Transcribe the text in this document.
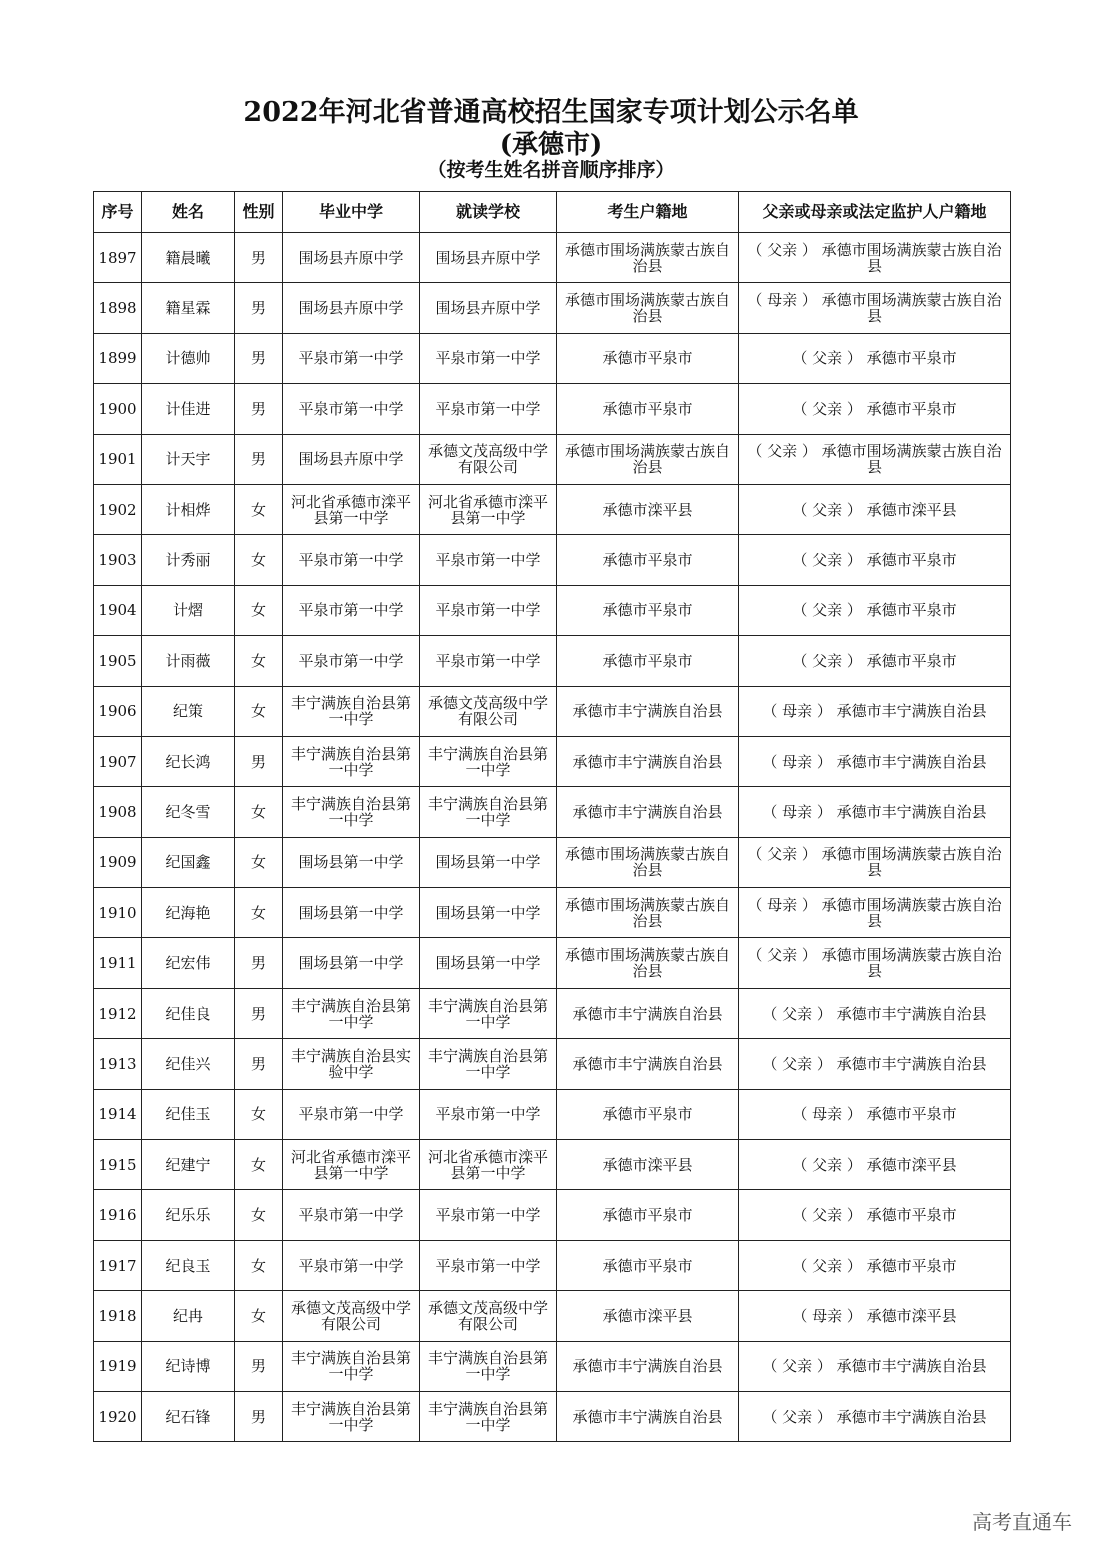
2022年河北省普通高校招生国家专项计划公示名单
(承德市)
（按考生姓名拼音顺序排序）
序号	姓名	性别	毕业中学	就读学校	考生户籍地	父亲或母亲或法定监护人户籍地
1897	籍晨曦	男	围场县卉原中学	围场县卉原中学	承德市围场满族蒙古族自治县	（ 父亲 ） 承德市围场满族蒙古族自治县
1898	籍星霖	男	围场县卉原中学	围场县卉原中学	承德市围场满族蒙古族自治县	（ 母亲 ） 承德市围场满族蒙古族自治县
1899	计德帅	男	平泉市第一中学	平泉市第一中学	承德市平泉市	（ 父亲 ） 承德市平泉市
1900	计佳进	男	平泉市第一中学	平泉市第一中学	承德市平泉市	（ 父亲 ） 承德市平泉市
1901	计天宇	男	围场县卉原中学	承德文茂高级中学有限公司	承德市围场满族蒙古族自治县	（ 父亲 ） 承德市围场满族蒙古族自治县
1902	计相烨	女	河北省承德市滦平县第一中学	河北省承德市滦平县第一中学	承德市滦平县	（ 父亲 ） 承德市滦平县
1903	计秀丽	女	平泉市第一中学	平泉市第一中学	承德市平泉市	（ 父亲 ） 承德市平泉市
1904	计熠	女	平泉市第一中学	平泉市第一中学	承德市平泉市	（ 父亲 ） 承德市平泉市
1905	计雨薇	女	平泉市第一中学	平泉市第一中学	承德市平泉市	（ 父亲 ） 承德市平泉市
1906	纪策	女	丰宁满族自治县第一中学	承德文茂高级中学有限公司	承德市丰宁满族自治县	（ 母亲 ） 承德市丰宁满族自治县
1907	纪长鸿	男	丰宁满族自治县第一中学	丰宁满族自治县第一中学	承德市丰宁满族自治县	（ 母亲 ） 承德市丰宁满族自治县
1908	纪冬雪	女	丰宁满族自治县第一中学	丰宁满族自治县第一中学	承德市丰宁满族自治县	（ 母亲 ） 承德市丰宁满族自治县
1909	纪国鑫	女	围场县第一中学	围场县第一中学	承德市围场满族蒙古族自治县	（ 父亲 ） 承德市围场满族蒙古族自治县
1910	纪海艳	女	围场县第一中学	围场县第一中学	承德市围场满族蒙古族自治县	（ 母亲 ） 承德市围场满族蒙古族自治县
1911	纪宏伟	男	围场县第一中学	围场县第一中学	承德市围场满族蒙古族自治县	（ 父亲 ） 承德市围场满族蒙古族自治县
1912	纪佳良	男	丰宁满族自治县第一中学	丰宁满族自治县第一中学	承德市丰宁满族自治县	（ 父亲 ） 承德市丰宁满族自治县
1913	纪佳兴	男	丰宁满族自治县实验中学	丰宁满族自治县第一中学	承德市丰宁满族自治县	（ 父亲 ） 承德市丰宁满族自治县
1914	纪佳玉	女	平泉市第一中学	平泉市第一中学	承德市平泉市	（ 母亲 ） 承德市平泉市
1915	纪建宁	女	河北省承德市滦平县第一中学	河北省承德市滦平县第一中学	承德市滦平县	（ 父亲 ） 承德市滦平县
1916	纪乐乐	女	平泉市第一中学	平泉市第一中学	承德市平泉市	（ 父亲 ） 承德市平泉市
1917	纪良玉	女	平泉市第一中学	平泉市第一中学	承德市平泉市	（ 父亲 ） 承德市平泉市
1918	纪冉	女	承德文茂高级中学有限公司	承德文茂高级中学有限公司	承德市滦平县	（ 母亲 ） 承德市滦平县
1919	纪诗博	男	丰宁满族自治县第一中学	丰宁满族自治县第一中学	承德市丰宁满族自治县	（ 父亲 ） 承德市丰宁满族自治县
1920	纪石锋	男	丰宁满族自治县第一中学	丰宁满族自治县第一中学	承德市丰宁满族自治县	（ 父亲 ） 承德市丰宁满族自治县
高考直通车
